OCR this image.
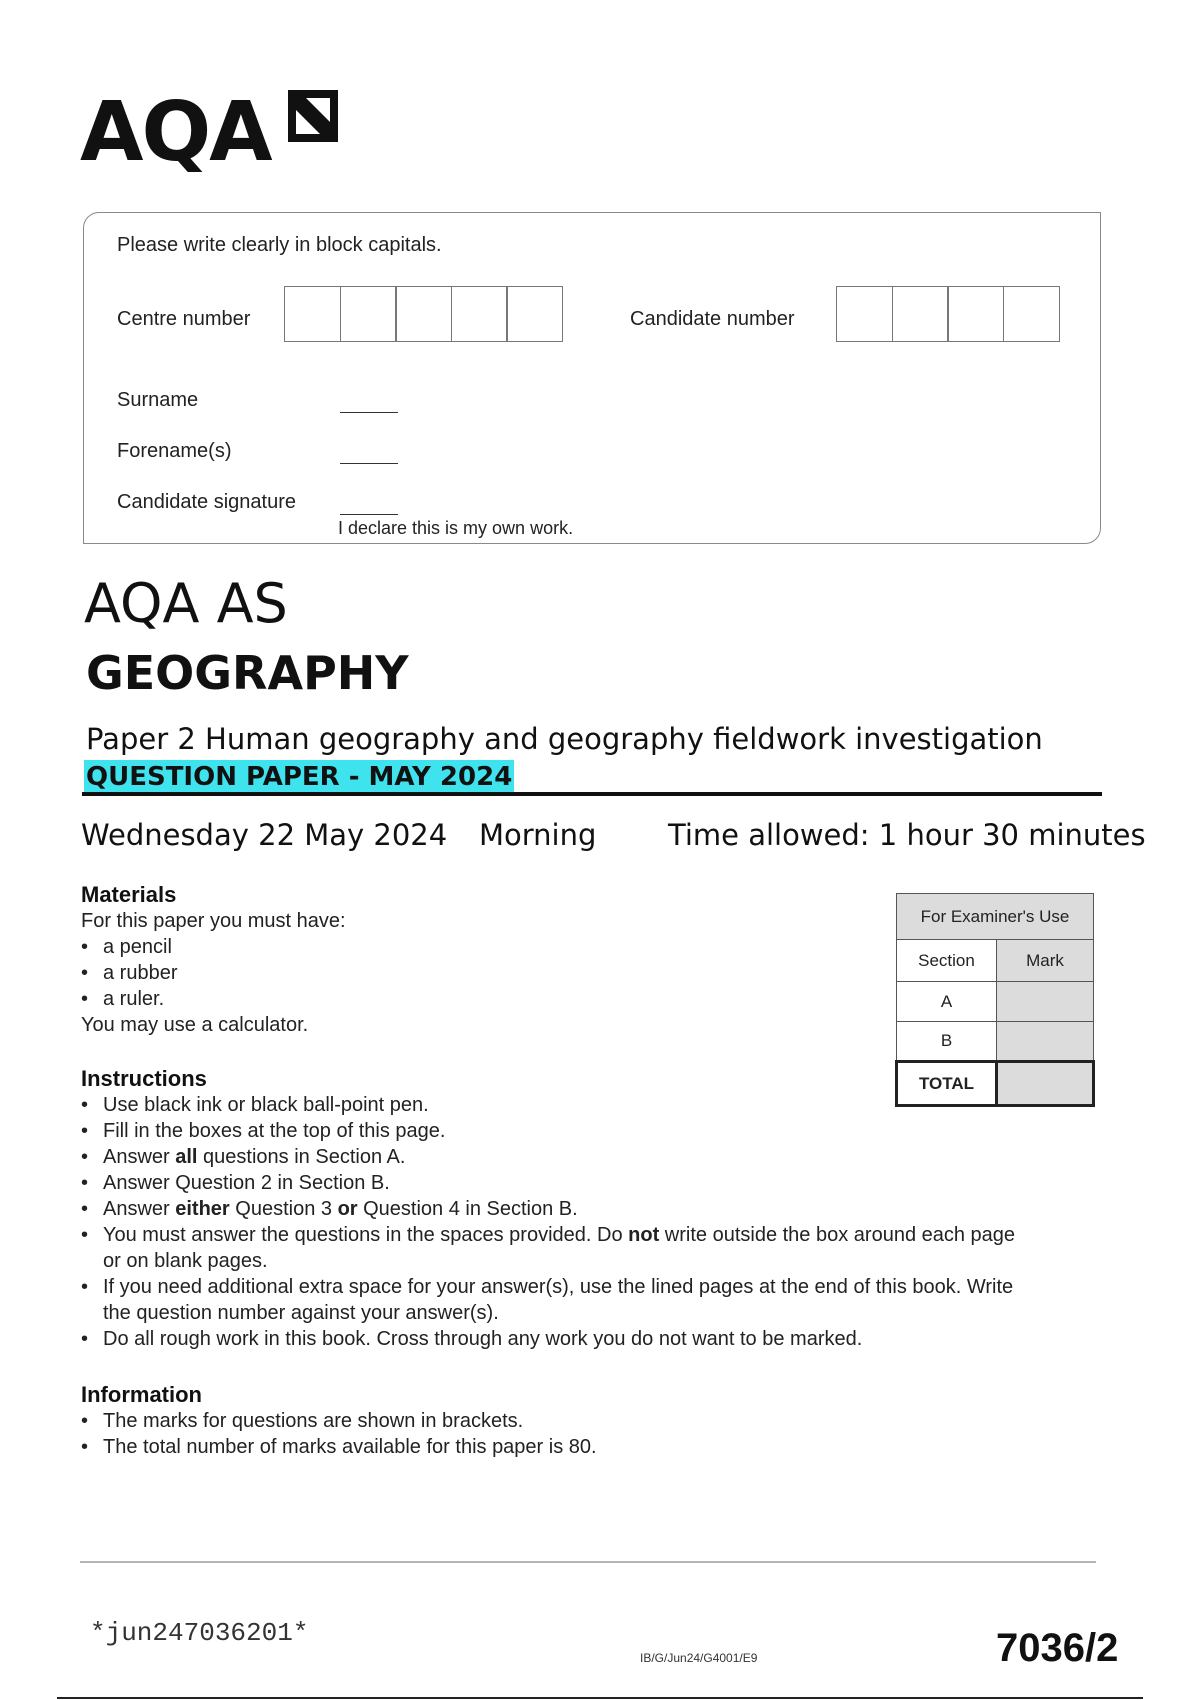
AQA
Please write clearly in block capitals.
Centre number	Candidate number
Surname
Forename(s)
Candidate signature
I declare this is my own work.
AQA AS
GEOGRAPHY
Paper 2 Human geography and geography fieldwork investigation
QUESTION PAPER - MAY 2024
Wednesday 22 May 2024 Morning Time allowed: 1 hour 30 minutes
Materials
For this paper you must have:
• a pencil
• a rubber
• a ruler.
You may use a calculator.
Instructions
• Use black ink or black ball-point pen.
• Fill in the boxes at the top of this page.
• Answer all questions in Section A.
• Answer Question 2 in Section B.
• Answer either Question 3 or Question 4 in Section B.
• You must answer the questions in the spaces provided. Do not write outside the box around each page or on blank pages.
• If you need additional extra space for your answer(s), use the lined pages at the end of this book. Write the question number against your answer(s).
• Do all rough work in this book. Cross through any work you do not want to be marked.
Information
• The marks for questions are shown in brackets.
• The total number of marks available for this paper is 80.
For Examiner's Use	
Section	Mark
A	
B	
TOTAL	
*jun247036201*
IB/G/Jun24/G4001/E9	7036/2
